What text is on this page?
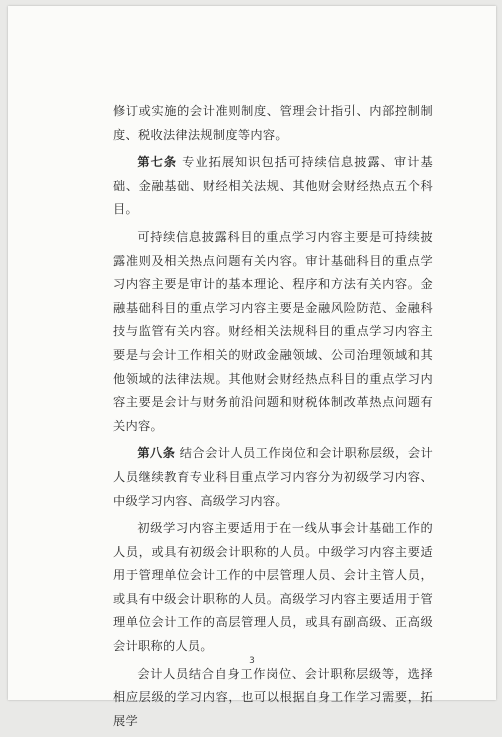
修订或实施的会计准则制度、管理会计指引、内部控制制度、税收法律法规制度等内容。

第七条 专业拓展知识包括可持续信息披露、审计基础、金融基础、财经相关法规、其他财会财经热点五个科目。

可持续信息披露科目的重点学习内容主要是可持续披露准则及相关热点问题有关内容。审计基础科目的重点学习内容主要是审计的基本理论、程序和方法有关内容。金融基础科目的重点学习内容主要是金融风险防范、金融科技与监管有关内容。财经相关法规科目的重点学习内容主要是与会计工作相关的财政金融领域、公司治理领域和其他领域的法律法规。其他财会财经热点科目的重点学习内容主要是会计与财务前沿问题和财税体制改革热点问题有关内容。

第八条 结合会计人员工作岗位和会计职称层级，会计人员继续教育专业科目重点学习内容分为初级学习内容、中级学习内容、高级学习内容。

初级学习内容主要适用于在一线从事会计基础工作的人员，或具有初级会计职称的人员。中级学习内容主要适用于管理单位会计工作的中层管理人员、会计主管人员，或具有中级会计职称的人员。高级学习内容主要适用于管理单位会计工作的高层管理人员，或具有副高级、正高级会计职称的人员。

会计人员结合自身工作岗位、会计职称层级等，选择相应层级的学习内容，也可以根据自身工作学习需要，拓展学

3
